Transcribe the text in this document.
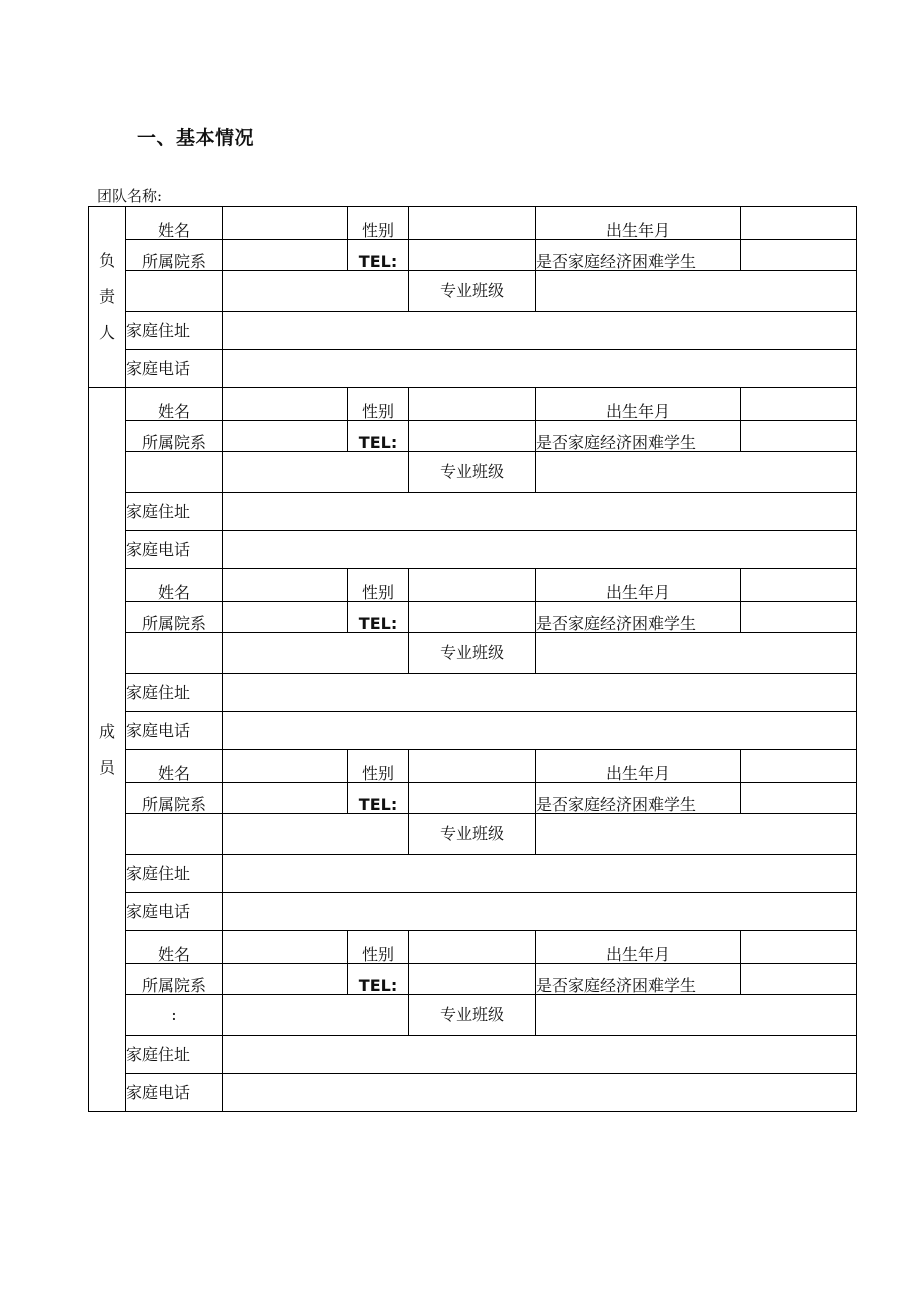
一、基本情况
团队名称:
负
责
人	姓名		性别		出生年月	
	所属院系		TEL:		是否家庭经济困难学生	
				专业班级		
	家庭住址					
	家庭电话					
成
员	姓名		性别		出生年月	
	所属院系		TEL:		是否家庭经济困难学生	
				专业班级		
	家庭住址					
	家庭电话					
	姓名		性别		出生年月	
	所属院系		TEL:		是否家庭经济困难学生	
				专业班级		
	家庭住址					
	家庭电话					
	姓名		性别		出生年月	
	所属院系		TEL:		是否家庭经济困难学生	
				专业班级		
	家庭住址					
	家庭电话					
	姓名		性别		出生年月	
	所属院系		TEL:		是否家庭经济困难学生	
	:			专业班级		
	家庭住址					
	家庭电话					
